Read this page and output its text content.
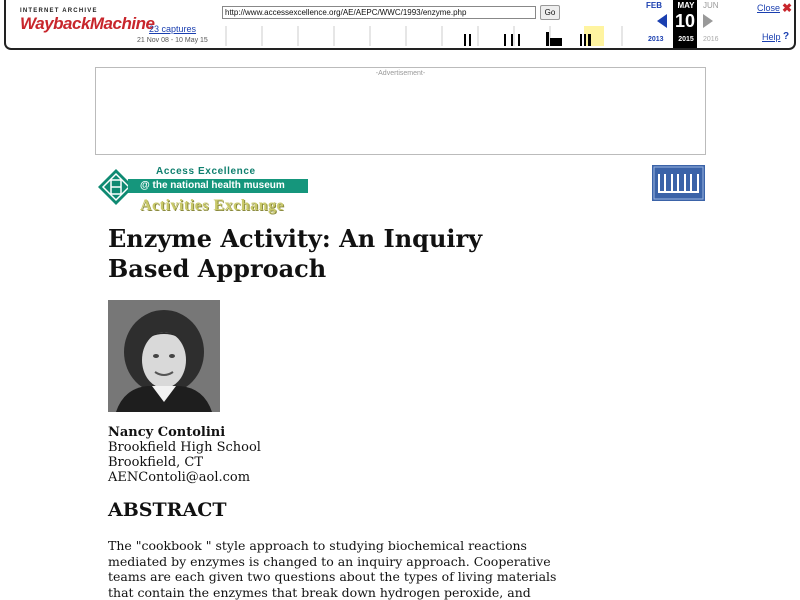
INTERNET ARCHIVE
WaybackMachine
23 captures
21 Nov 08 - 10 May 15
http://www.accessexcellence.org/AE/AEPC/WWC/1993/enzyme.php
Go
FEB	MAY	JUN
10
2013	2015	2016
Close ✖
Help ?
-Advertisement-
Access Excellence
@ the national health museum
Activities Exchange
Enzyme Activity: An Inquiry Based Approach
Nancy Contolini
Brookfield High School
Brookfield, CT
AENContoli@aol.com
ABSTRACT

The "cookbook " style approach to studying biochemical reactions mediated by enzymes is changed to an inquiry approach. Cooperative teams are each given two questions about the types of living materials that contain the enzymes that break down hydrogen peroxide, and
